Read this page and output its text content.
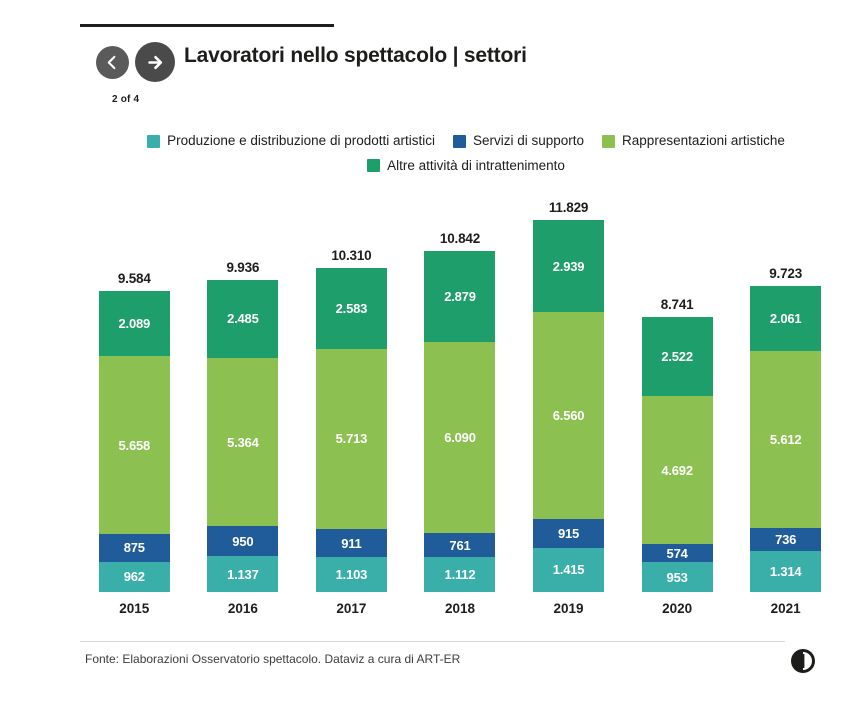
2 of 4
Lavoratori nello spettacolo | settori
Produzione e distribuzione di prodotti artistici	Servizi di supporto	Rappresentazioni artistiche
Altre attività di intrattenimento
9.584
2.089
5.658
875
962
9.936
2.485
5.364
950
1.137
10.310
2.583
5.713
911
1.103
10.842
2.879
6.090
761
1.112
11.829
2.939
6.560
915
1.415
8.741
2.522
4.692
574
953
9.723
2.061
5.612
736
1.314
2015	2016	2017	2018	2019	2020	2021
Fonte: Elaborazioni Osservatorio spettacolo. Dataviz a cura di ART-ER
